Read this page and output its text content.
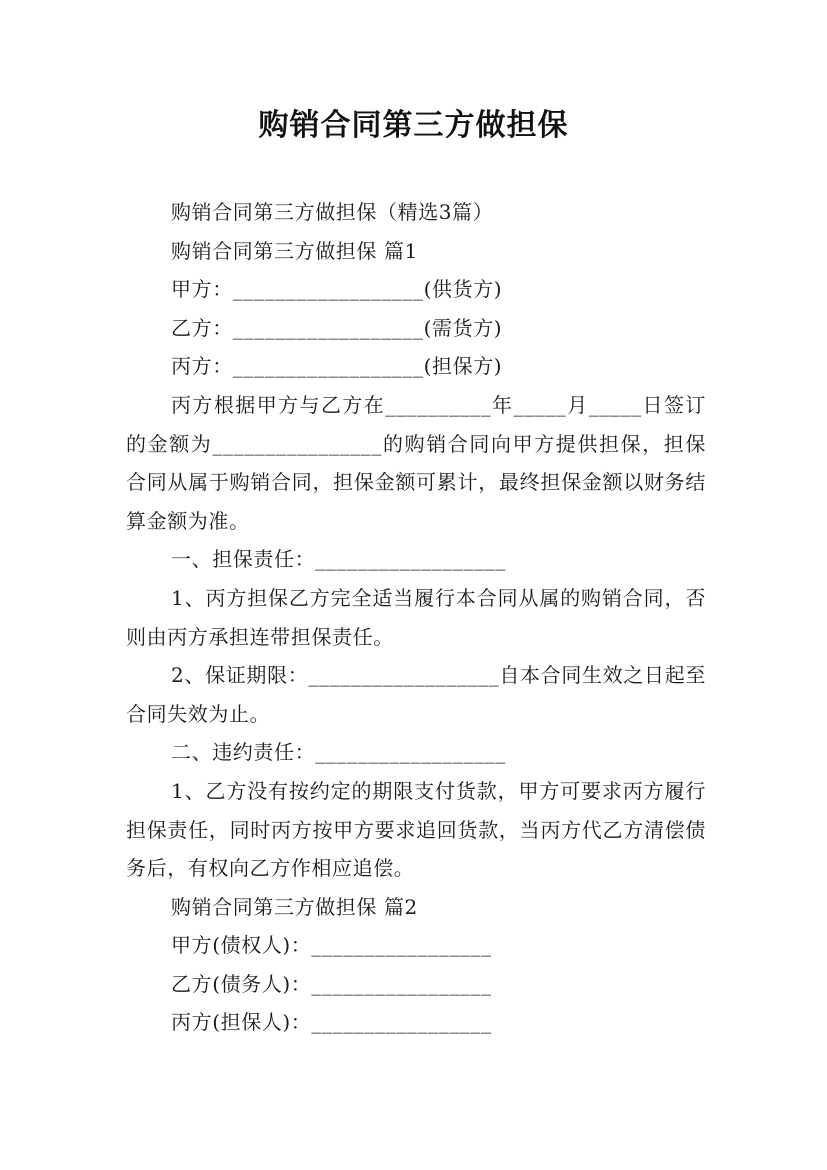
购销合同第三方做担保

购销合同第三方做担保（精选3篇）

购销合同第三方做担保 篇1

甲方：__________________(供货方)

乙方：__________________(需货方)

丙方：__________________(担保方)

丙方根据甲方与乙方在__________年_____月_____日签订的金额为________________的购销合同向甲方提供担保，担保合同从属于购销合同，担保金额可累计，最终担保金额以财务结算金额为准。

一、担保责任：__________________

1、丙方担保乙方完全适当履行本合同从属的购销合同，否则由丙方承担连带担保责任。

2、保证期限：__________________自本合同生效之日起至合同失效为止。

二、违约责任：__________________

1、乙方没有按约定的期限支付货款，甲方可要求丙方履行担保责任，同时丙方按甲方要求追回货款，当丙方代乙方清偿债务后，有权向乙方作相应追偿。

购销合同第三方做担保 篇2

甲方(债权人)：_________________

乙方(债务人)：_________________

丙方(担保人)：_________________
